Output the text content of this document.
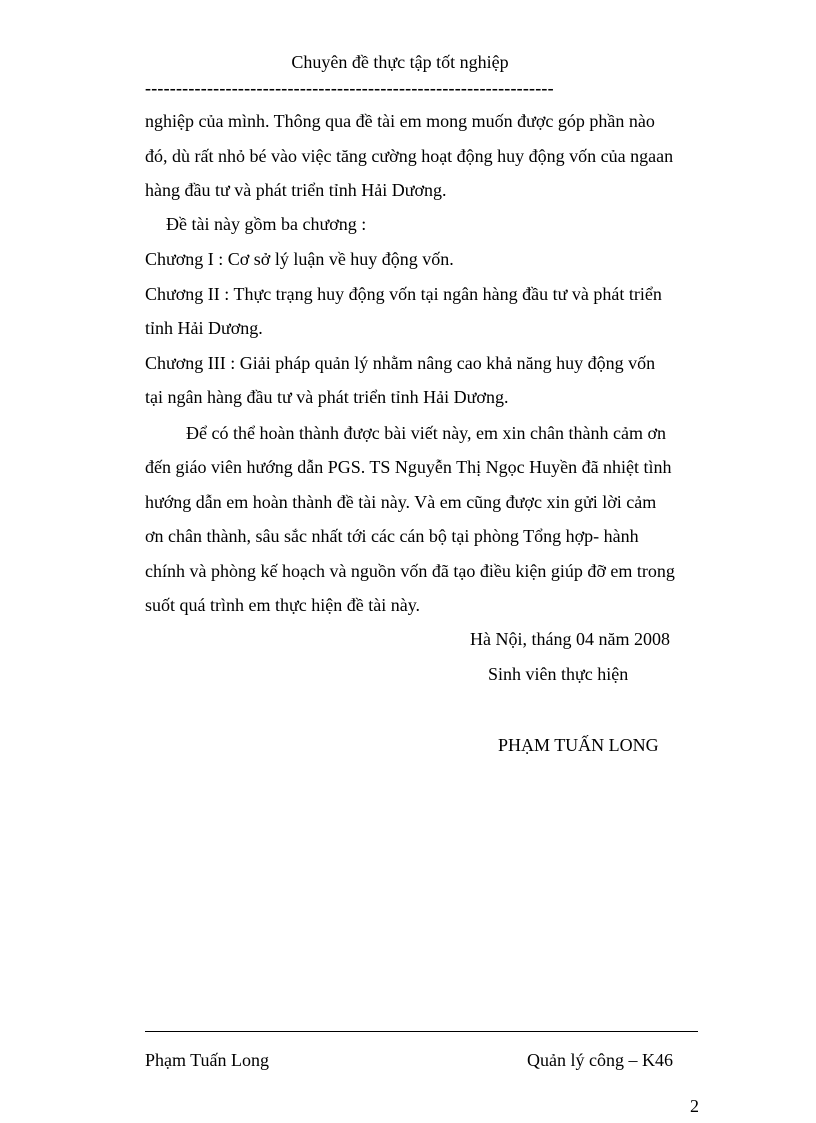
Chuyên đề thực tập tốt nghiệp
------------------------------------------------------------------
nghiệp của mình. Thông qua đề tài em mong muốn được góp phần nào
đó, dù rất nhỏ bé vào việc tăng cường hoạt động huy động vốn của ngaan
hàng đầu tư và phát triển tỉnh Hải Dương.
Đề tài này gồm ba chương :
Chương I : Cơ sở lý luận về huy động vốn.
Chương II : Thực trạng huy động vốn tại ngân hàng đầu tư và phát triển
tỉnh Hải Dương.
Chương III : Giải pháp quản lý nhằm nâng cao khả năng huy động vốn
tại ngân hàng đầu tư và phát triển tỉnh Hải Dương.
Để có thể hoàn thành được bài viết này, em xin chân thành cảm ơn
đến giáo viên hướng dẫn PGS. TS Nguyễn Thị Ngọc Huyền đã nhiệt tình
hướng dẫn em hoàn thành đề tài này. Và em cũng được xin gửi lời cảm
ơn chân thành, sâu sắc nhất tới các cán bộ tại phòng Tổng hợp- hành
chính và phòng kế hoạch và nguồn vốn đã tạo điều kiện giúp đỡ em trong
suốt quá trình em thực hiện đề tài này.
Hà Nội, tháng 04 năm 2008
Sinh viên thực hiện
PHẠM TUẤN LONG
Phạm Tuấn Long	Quản lý công – K46
2
